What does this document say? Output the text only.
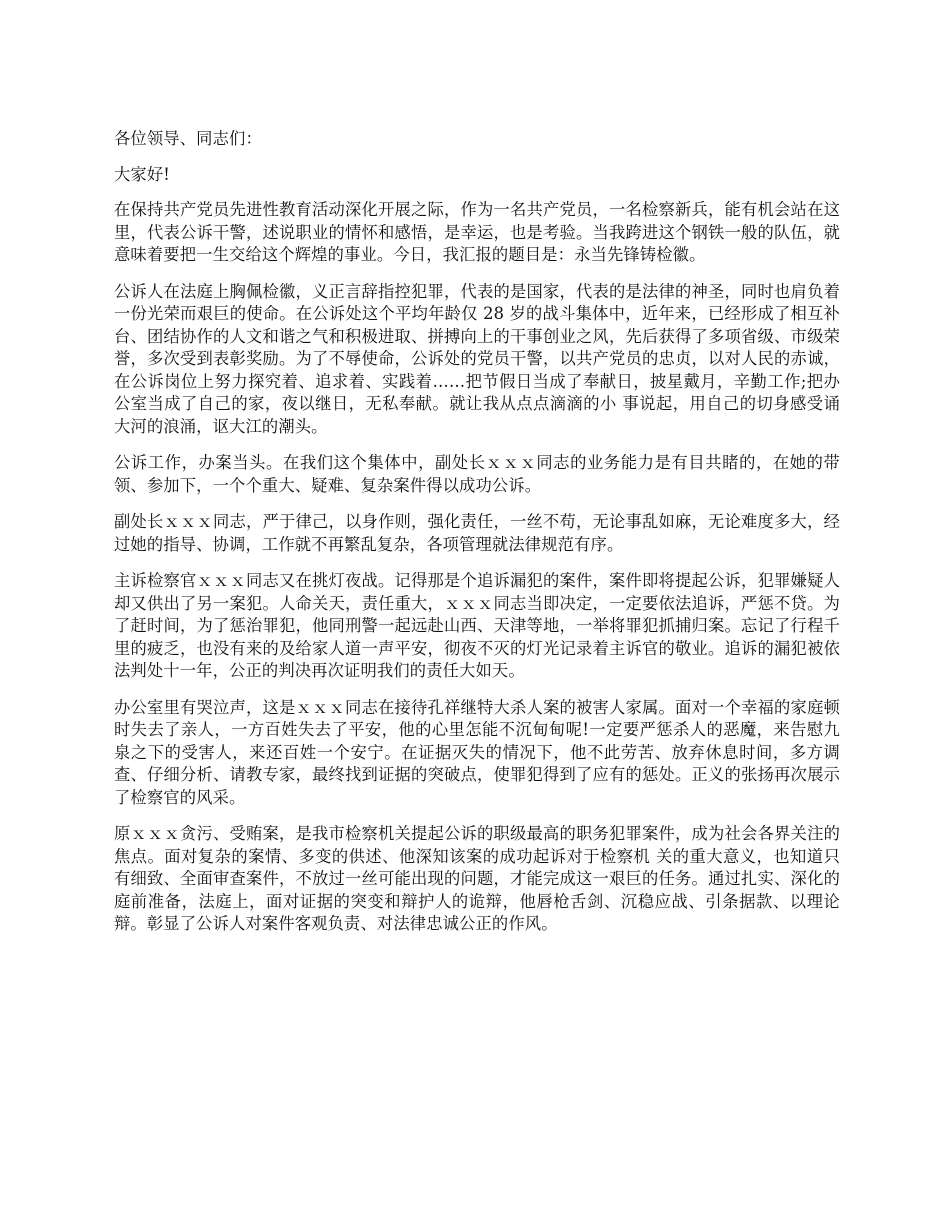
各位领导、同志们：

大家好!

在保持共产党员先进性教育活动深化开展之际，作为一名共产党员，一名检察新兵，能有机会站在这里，代表公诉干警，述说职业的情怀和感悟，是幸运，也是考验。当我跨进这个钢铁一般的队伍，就意味着要把一生交给这个辉煌的事业。今日，我汇报的题目是：永当先锋铸检徽。

公诉人在法庭上胸佩检徽，义正言辞指控犯罪，代表的是国家，代表的是法律的神圣，同时也肩负着一份光荣而艰巨的使命。在公诉处这个平均年龄仅 28 岁的战斗集体中，近年来，已经形成了相互补台、团结协作的人文和谐之气和积极进取、拼搏向上的干事创业之风，先后获得了多项省级、市级荣誉，多次受到表彰奖励。为了不辱使命，公诉处的党员干警，以共产党员的忠贞，以对人民的赤诚，在公诉岗位上努力探究着、追求着、实践着……把节假日当成了奉献日，披星戴月，辛勤工作;把办公室当成了自己的家，夜以继日，无私奉献。就让我从点点滴滴的小 事说起，用自己的切身感受诵大河的浪涌，讴大江的潮头。

公诉工作，办案当头。在我们这个集体中，副处长ｘｘｘ同志的业务能力是有目共睹的，在她的带领、参加下，一个个重大、疑难、复杂案件得以成功公诉。

副处长ｘｘｘ同志，严于律己，以身作则，强化责任，一丝不苟，无论事乱如麻，无论难度多大，经过她的指导、协调，工作就不再繁乱复杂，各项管理就法律规范有序。

主诉检察官ｘｘｘ同志又在挑灯夜战。记得那是个追诉漏犯的案件，案件即将提起公诉，犯罪嫌疑人却又供出了另一案犯。人命关天，责任重大，ｘｘｘ同志当即决定，一定要依法追诉，严惩不贷。为了赶时间，为了惩治罪犯，他同刑警一起远赴山西、天津等地，一举将罪犯抓捕归案。忘记了行程千里的疲乏，也没有来的及给家人道一声平安，彻夜不灭的灯光记录着主诉官的敬业。追诉的漏犯被依法判处十一年，公正的判决再次证明我们的责任大如天。

办公室里有哭泣声，这是ｘｘｘ同志在接待孔祥继特大杀人案的被害人家属。面对一个幸福的家庭顿时失去了亲人，一方百姓失去了平安，他的心里怎能不沉甸甸呢!一定要严惩杀人的恶魔，来告慰九泉之下的受害人，来还百姓一个安宁。在证据灭失的情况下，他不此劳苦、放弃休息时间，多方调查、仔细分析、请教专家，最终找到证据的突破点，使罪犯得到了应有的惩处。正义的张扬再次展示了检察官的风采。

原ｘｘｘ贪污、受贿案，是我市检察机关提起公诉的职级最高的职务犯罪案件，成为社会各界关注的焦点。面对复杂的案情、多变的供述、他深知该案的成功起诉对于检察机 关的重大意义，也知道只有细致、全面审查案件，不放过一丝可能出现的问题，才能完成这一艰巨的任务。通过扎实、深化的庭前准备，法庭上，面对证据的突变和辩护人的诡辩，他唇枪舌剑、沉稳应战、引条据款、以理论辩。彰显了公诉人对案件客观负责、对法律忠诚公正的作风。
